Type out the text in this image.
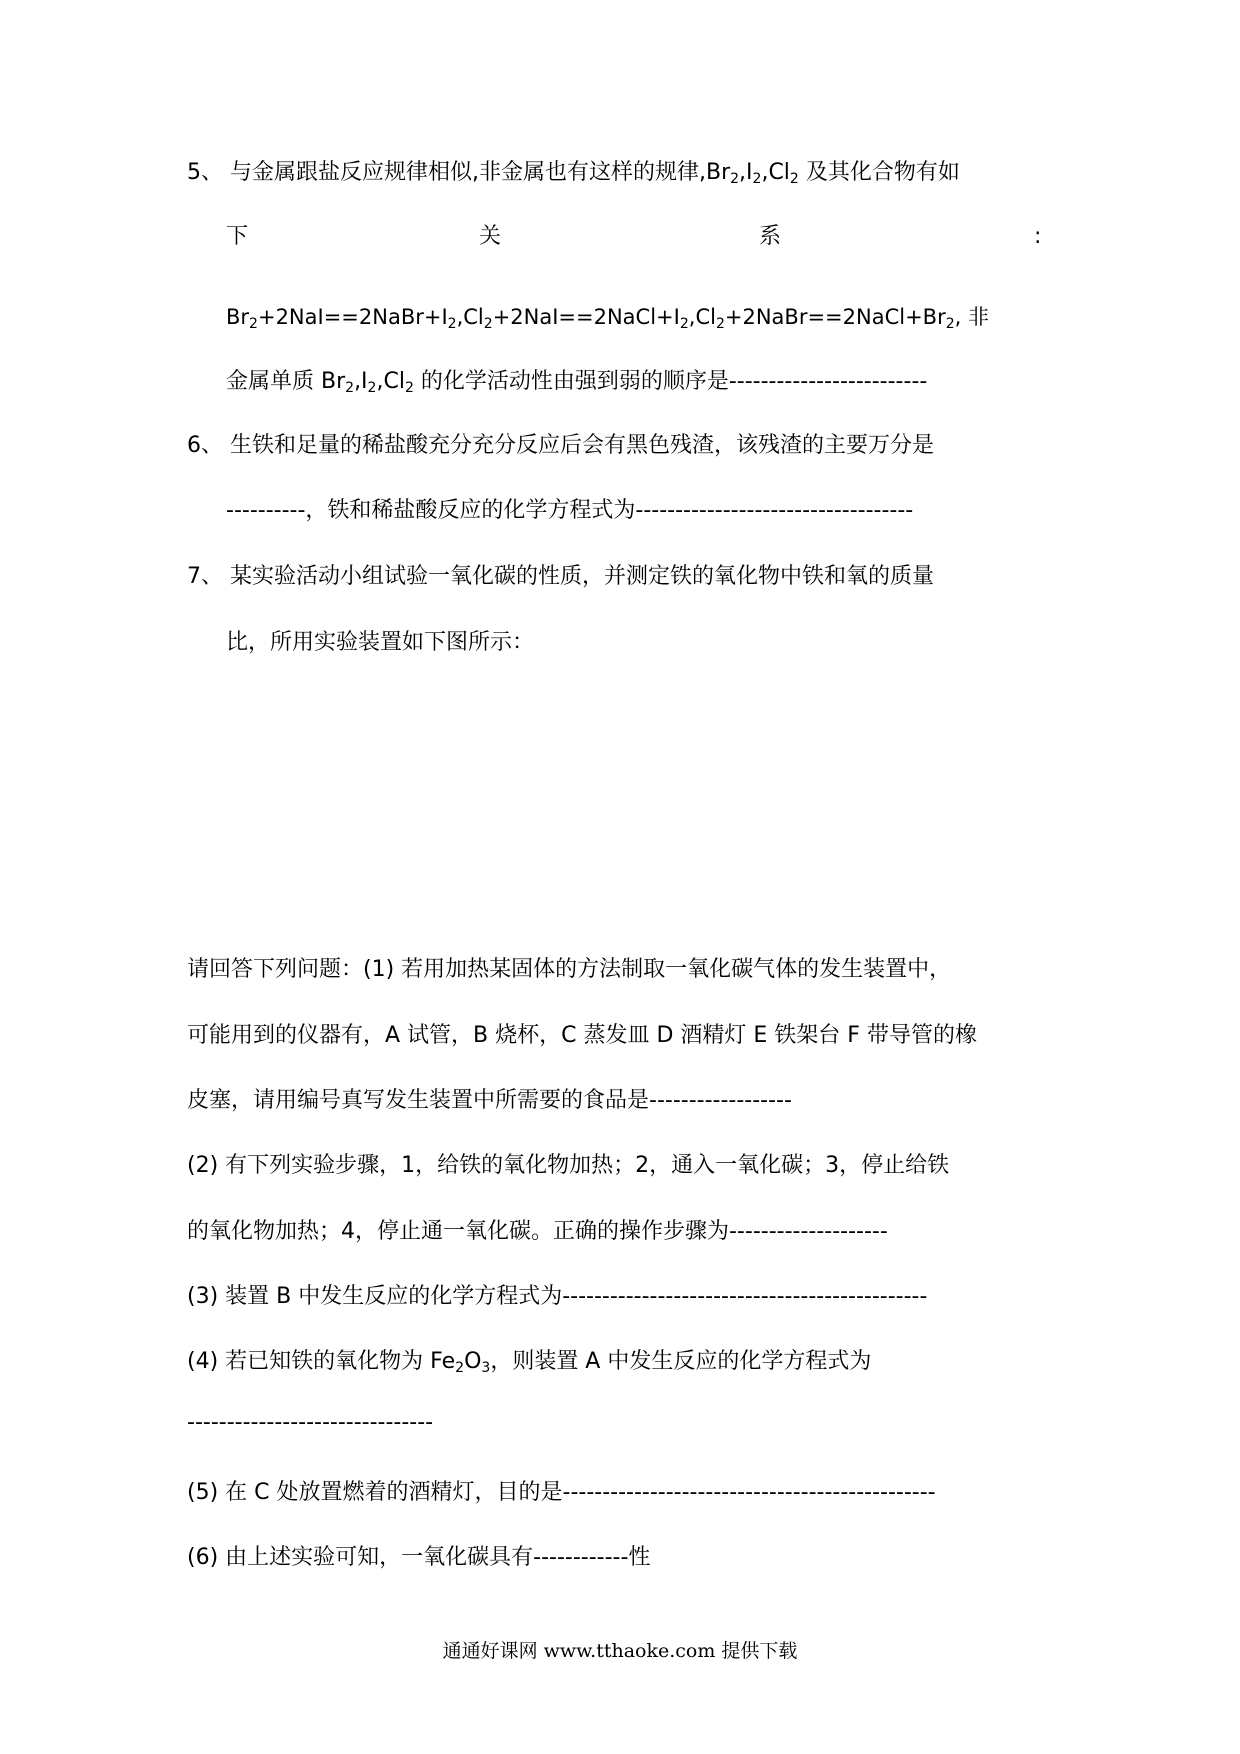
5、 与金属跟盐反应规律相似,非金属也有这样的规律$,Br_2,I_2,Cl_2$ 及其化合物有如
下	关	系	:
$Br_2+2NaI==2NaBr+I_2,Cl_2+2NaI==2NaCl+I_2,Cl_2+2NaBr==2NaCl+Br_2$, 非
金属单质 $Br_2,I_2,Cl_2$ 的化学活动性由强到弱的顺序是-------------------------
6、 生铁和足量的稀盐酸充分充分反应后会有黑色残渣，该残渣的主要万分是
----------，铁和稀盐酸反应的化学方程式为-----------------------------------
7、 某实验活动小组试验一氧化碳的性质，并测定铁的氧化物中铁和氧的质量
比，所用实验装置如下图所示：
请回答下列问题：(1) 若用加热某固体的方法制取一氧化碳气体的发生装置中，
可能用到的仪器有，A 试管，B 烧杯，C 蒸发皿 D 酒精灯 E 铁架台 F 带导管的橡
皮塞，请用编号真写发生装置中所需要的食品是------------------
(2) 有下列实验步骤，1，给铁的氧化物加热；2，通入一氧化碳；3，停止给铁
的氧化物加热；4，停止通一氧化碳。正确的操作步骤为--------------------
(3) 装置 B 中发生反应的化学方程式为----------------------------------------------
(4) 若已知铁的氧化物为 $Fe_2O_3$，则装置 A 中发生反应的化学方程式为
-------------------------------
(5) 在 C 处放置燃着的酒精灯，目的是-----------------------------------------------
(6) 由上述实验可知，一氧化碳具有------------性
通通好课网 www.tthaoke.com 提供下载
